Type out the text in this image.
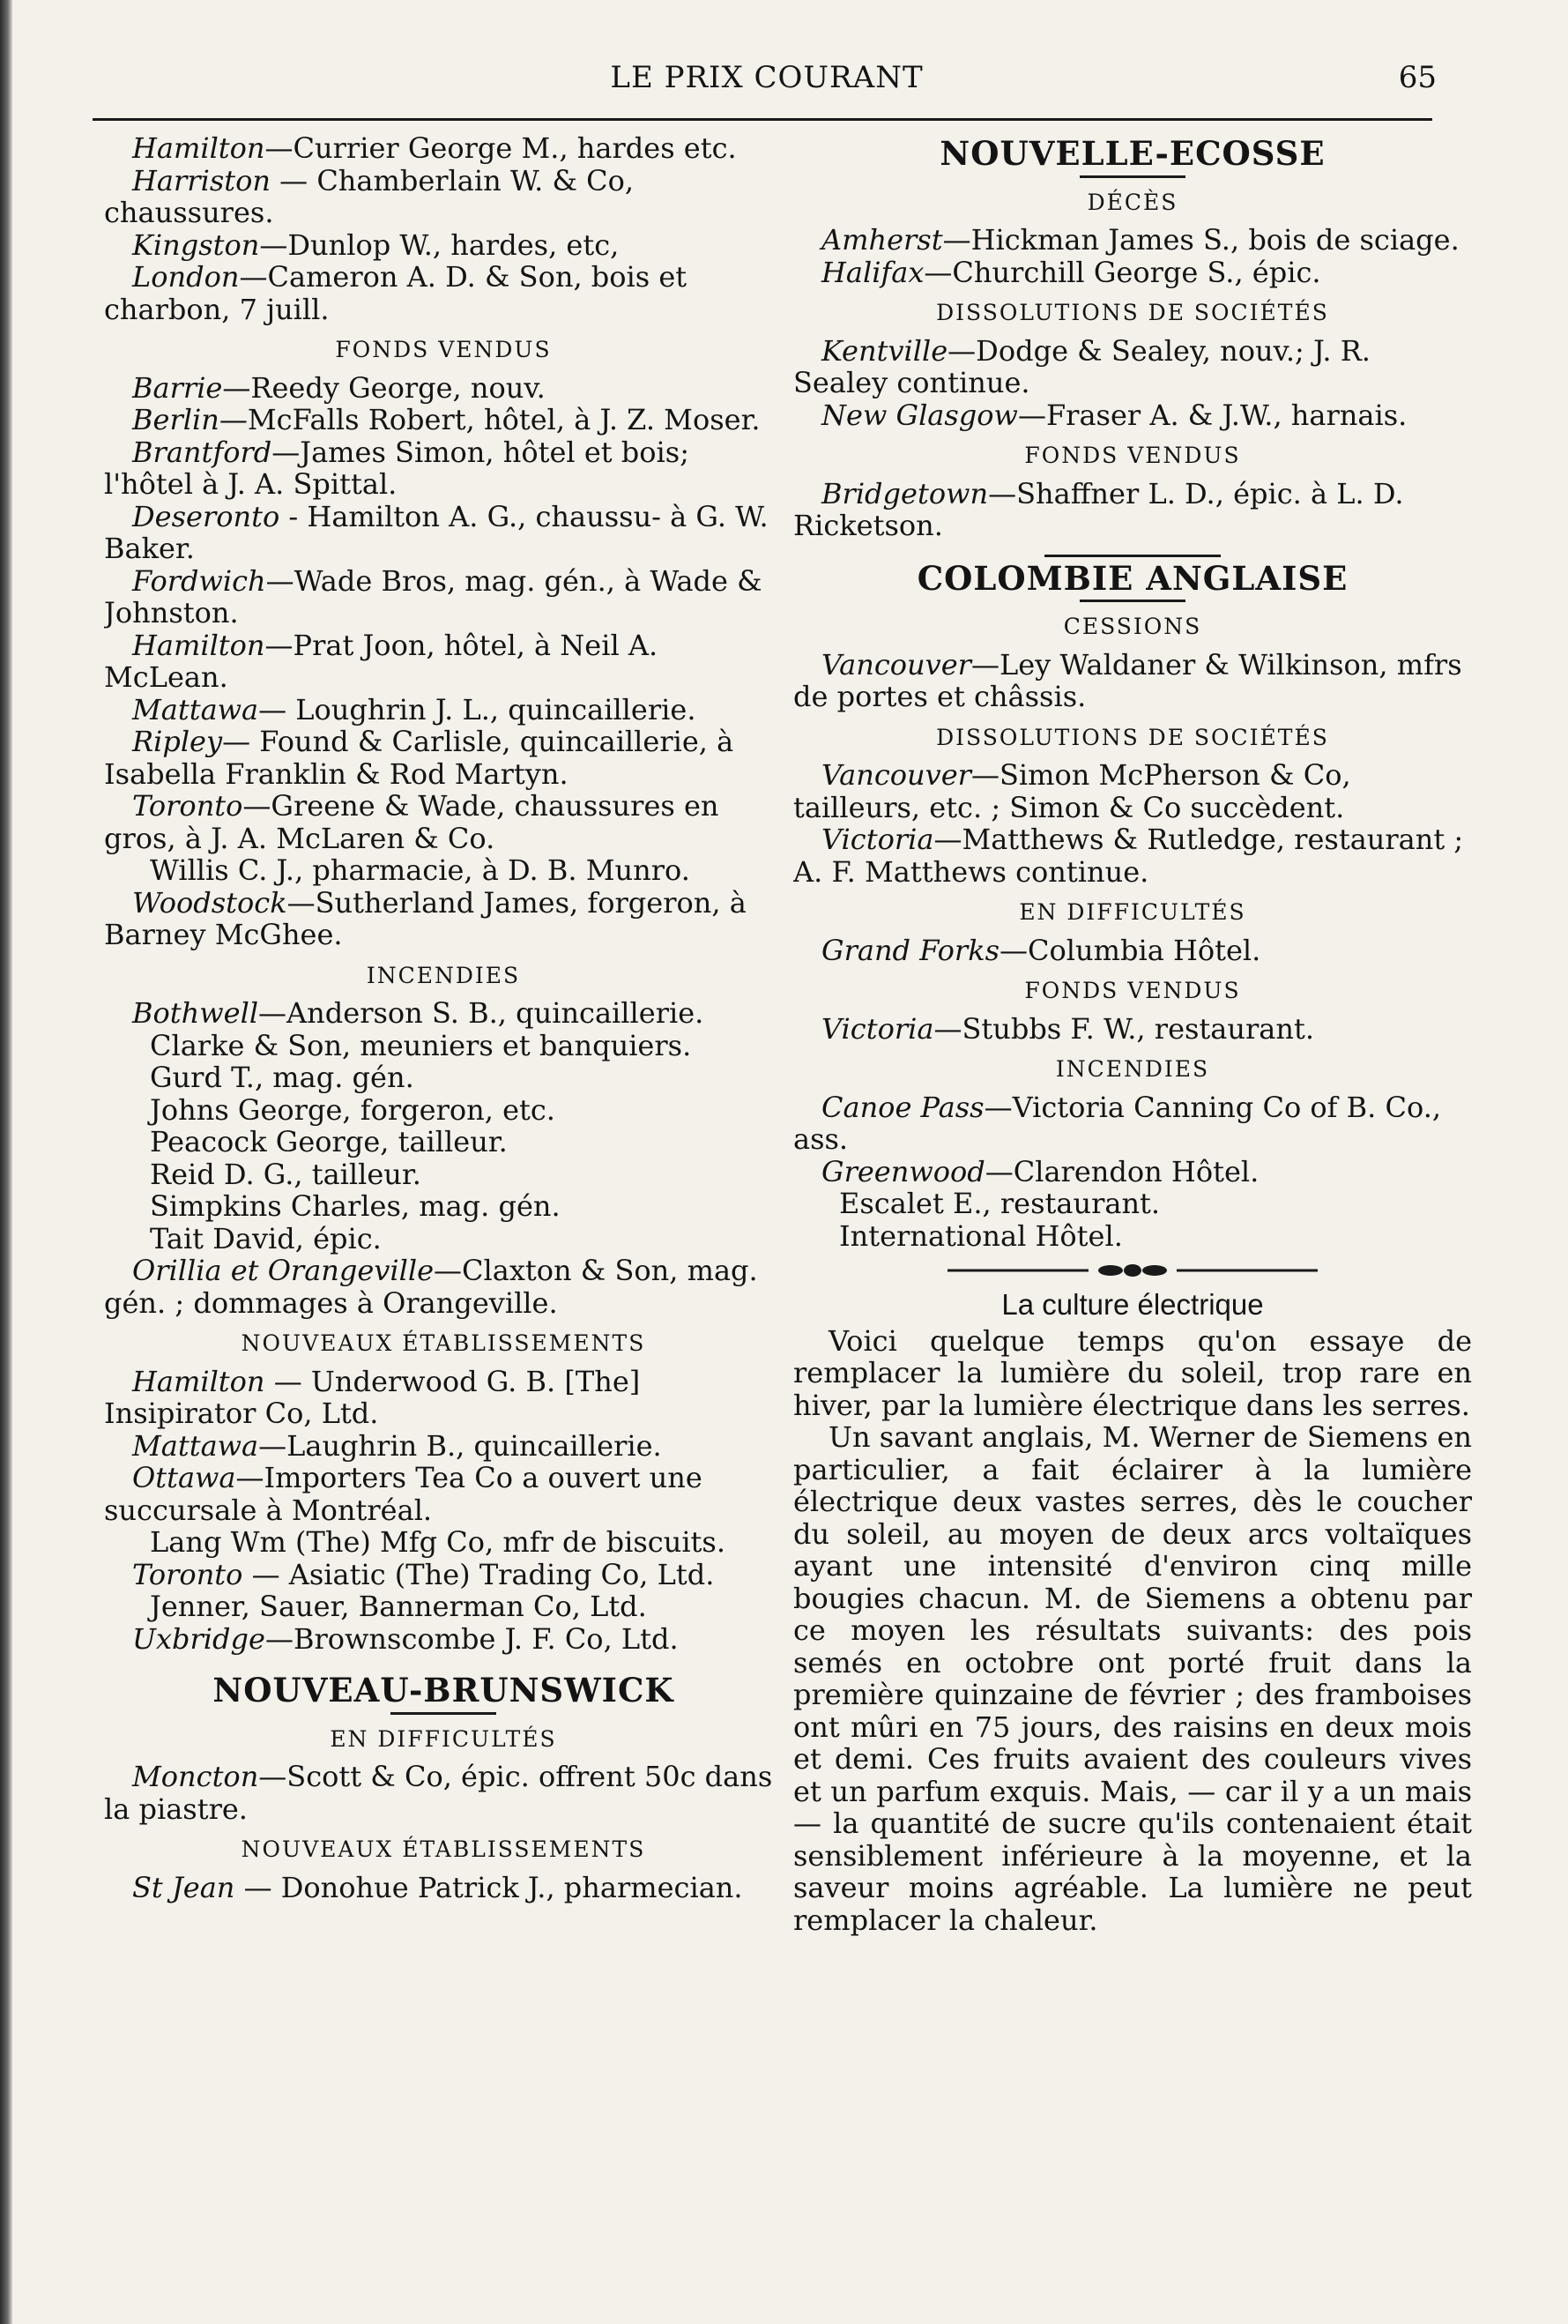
LE PRIX COURANT	65
Hamilton—Currier George M., hardes etc.
Harriston — Chamberlain W. & Co, chaussures.
Kingston—Dunlop W., hardes, etc,
London—Cameron A. D. & Son, bois et charbon, 7 juill.
FONDS VENDUS
Barrie—Reedy George, nouv.
Berlin—McFalls Robert, hôtel, à J. Z. Moser.
Brantford—James Simon, hôtel et bois; l'hôtel à J. A. Spittal.
Deseronto - Hamilton A. G., chaussu- à G. W. Baker.
Fordwich—Wade Bros, mag. gén., à Wade & Johnston.
Hamilton—Prat Joon, hôtel, à Neil A. McLean.
Mattawa— Loughrin J. L., quincaillerie.
Ripley— Found & Carlisle, quincaillerie, à Isabella Franklin & Rod Martyn.
Toronto—Greene & Wade, chaussures en gros, à J. A. McLaren & Co.
Willis C. J., pharmacie, à D. B. Munro.
Woodstock—Sutherland James, forgeron, à Barney McGhee.
INCENDIES
Bothwell—Anderson S. B., quincaillerie.
Clarke & Son, meuniers et banquiers.
Gurd T., mag. gén.
Johns George, forgeron, etc.
Peacock George, tailleur.
Reid D. G., tailleur.
Simpkins Charles, mag. gén.
Tait David, épic.
Orillia et Orangeville—Claxton & Son, mag. gén. ; dommages à Orangeville.
NOUVEAUX ÉTABLISSEMENTS
Hamilton — Underwood G. B. [The] Insipirator Co, Ltd.
Mattawa—Laughrin B., quincaillerie.
Ottawa—Importers Tea Co a ouvert une succursale à Montréal.
Lang Wm (The) Mfg Co, mfr de biscuits.
Toronto — Asiatic (The) Trading Co, Ltd.
Jenner, Sauer, Bannerman Co, Ltd.
Uxbridge—Brownscombe J. F. Co, Ltd.
NOUVEAU-BRUNSWICK
EN DIFFICULTÉS
Moncton—Scott & Co, épic. offrent 50c dans la piastre.
NOUVEAUX ÉTABLISSEMENTS
St Jean — Donohue Patrick J., pharmecian.
NOUVELLE-ECOSSE
DÉCÈS
Amherst—Hickman James S., bois de sciage.
Halifax—Churchill George S., épic.
DISSOLUTIONS DE SOCIÉTÉS
Kentville—Dodge & Sealey, nouv.; J. R. Sealey continue.
New Glasgow—Fraser A. & J.W., harnais.
FONDS VENDUS
Bridgetown—Shaffner L. D., épic. à L. D. Ricketson.
COLOMBIE ANGLAISE
CESSIONS
Vancouver—Ley Waldaner & Wilkinson, mfrs de portes et châssis.
DISSOLUTIONS DE SOCIÉTÉS
Vancouver—Simon McPherson & Co, tailleurs, etc. ; Simon & Co succèdent.
Victoria—Matthews & Rutledge, restaurant ; A. F. Matthews continue.
EN DIFFICULTÉS
Grand Forks—Columbia Hôtel.
FONDS VENDUS
Victoria—Stubbs F. W., restaurant.
INCENDIES
Canoe Pass—Victoria Canning Co of B. Co., ass.
Greenwood—Clarendon Hôtel.
Escalet E., restaurant.
International Hôtel.
La culture électrique

Voici quelque temps qu'on essaye de remplacer la lumière du soleil, trop rare en hiver, par la lumière électrique dans les serres.

Un savant anglais, M. Werner de Siemens en particulier, a fait éclairer à la lumière électrique deux vastes serres, dès le coucher du soleil, au moyen de deux arcs voltaïques ayant une intensité d'environ cinq mille bougies chacun. M. de Siemens a obtenu par ce moyen les résultats suivants: des pois semés en octobre ont porté fruit dans la première quinzaine de février ; des framboises ont mûri en 75 jours, des raisins en deux mois et demi. Ces fruits avaient des couleurs vives et un parfum exquis. Mais, — car il y a un mais — la quantité de sucre qu'ils contenaient était sensiblement inférieure à la moyenne, et la saveur moins agréable. La lumière ne peut remplacer la chaleur.
